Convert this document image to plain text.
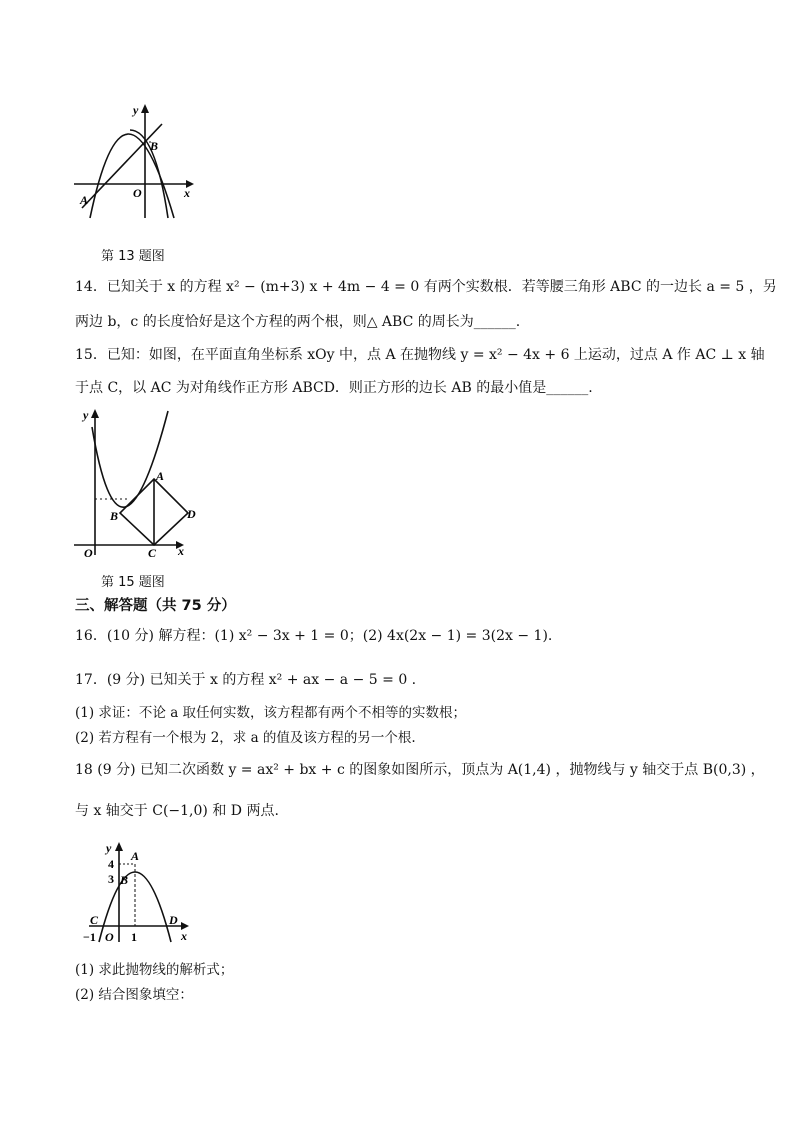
y
x
O
A
B
第 13 题图
14．已知关于 x 的方程 x² − (m+3) x + 4m − 4 = 0 有两个实数根．若等腰三角形 ABC 的一边长 a = 5 ，另
两边 b，c 的长度恰好是这个方程的两个根，则△ ABC 的周长为______.
15．已知：如图，在平面直角坐标系 xOy 中，点 A 在抛物线 y = x² − 4x + 6 上运动，过点 A 作 AC ⊥ x 轴
于点 C，以 AC 为对角线作正方形 ABCD．则正方形的边长 AB 的最小值是______.
y
x
O
A
B
C
D
第 15 题图
三、解答题（共 75 分）
16．(10 分) 解方程：(1) x² − 3x + 1 = 0；(2) 4x(2x − 1) = 3(2x − 1).
17．(9 分) 已知关于 x 的方程 x² + ax − a − 5 = 0 .
(1) 求证：不论 a 取任何实数，该方程都有两个不相等的实数根；
(2) 若方程有一个根为 2，求 a 的值及该方程的另一个根.
18 (9 分) 已知二次函数 y = ax² + bx + c 的图象如图所示，顶点为 A(1,4) ，抛物线与 y 轴交于点 B(0,3) ，
与 x 轴交于 C(−1,0) 和 D 两点.
y
x
A
B
C	D
O
4
3
−1	1
(1) 求此抛物线的解析式；
(2) 结合图象填空：
